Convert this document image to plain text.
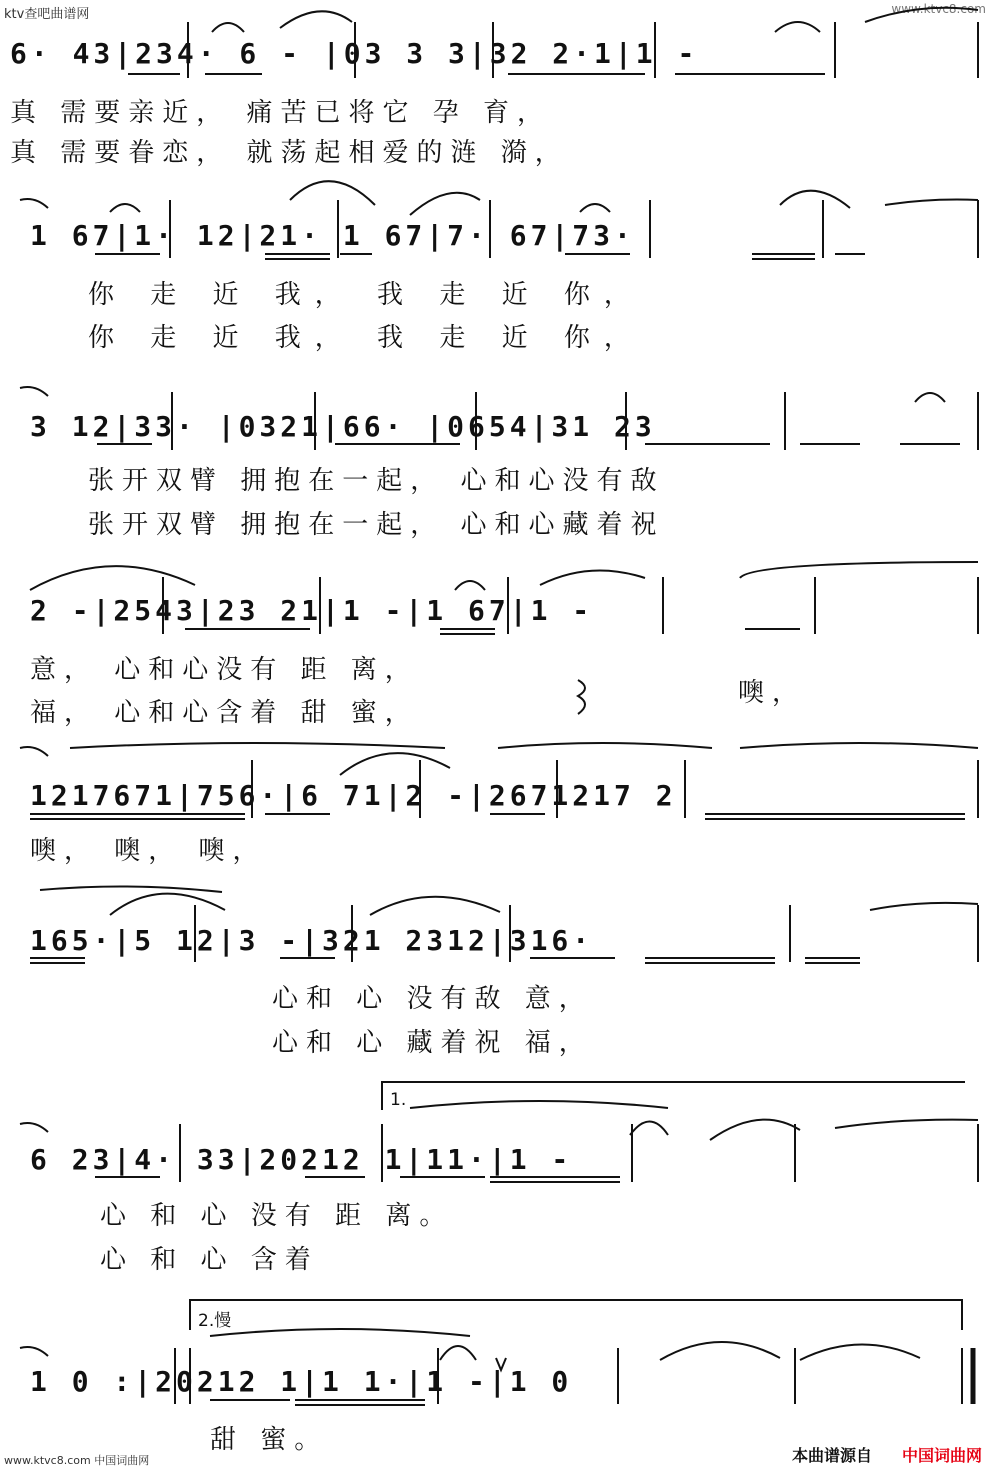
ktv查吧曲谱网	www.ktvc8.com
www.ktvc8.com 中国词曲网	本曲谱源自 中国词曲网
6· 43|234· 6 - |03 3 3|32 2·1|1 -
真 需要亲近， 痛苦已将它 孕 育，
真 需要眷恋， 就荡起相爱的涟 漪，
1 67|1· 12|21· 1 67|7· 67|73·
你 走 近 我， 我 走 近 你，
你 走 近 我， 我 走 近 你，
3 12|33· |0321|66· |0654|31 23
张开双臂 拥抱在一起， 心和心没有敌
张开双臂 拥抱在一起， 心和心藏着祝
2 -|2543|23 21|1 -|1 67|1 -
意， 心和心没有 距 离，
福， 心和心含着 甜 蜜，
噢，
1217671|756·|6 71|2 -|2671217 2
噢， 噢， 噢，
165·|5 12|3 -|321 2312|316·
心和 心 没有敌 意，
心和 心 藏着祝 福，
1.
6 23|4· 33|20212 1|11·|1 -
心 和 心 没有 距 离。
心 和 心 含着
2.慢
1 0 :|20212 1|1 1·|1 -|1 0
甜 蜜。
